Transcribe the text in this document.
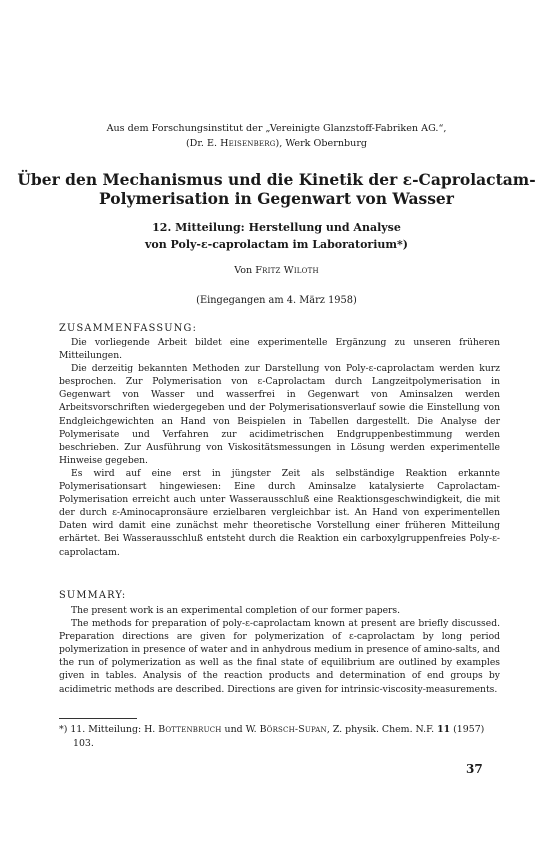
Aus dem Forschungsinstitut der „Vereinigte Glanzstoff-Fabriken AG.“,
(Dr. E. Heisenberg), Werk Obernburg
Über den Mechanismus und die Kinetik der ε-Caprolactam-
Polymerisation in Gegenwart von Wasser
12. Mitteilung: Herstellung und Analyse
von Poly-ε-caprolactam im Laboratorium*)
Von Fritz Wiloth
(Eingegangen am 4. März 1958)
ZUSAMMENFASSUNG:

Die vorliegende Arbeit bildet eine experimentelle Ergänzung zu unseren früheren Mitteilungen.

Die derzeitig bekannten Methoden zur Darstellung von Poly-ε-caprolactam werden kurz besprochen. Zur Polymerisation von ε-Caprolactam durch Langzeitpolymerisation in Gegenwart von Wasser und wasserfrei in Gegenwart von Aminsalzen werden Arbeitsvorschriften wiedergegeben und der Polymerisationsverlauf sowie die Einstellung von Endgleichgewichten an Hand von Beispielen in Tabellen dargestellt. Die Analyse der Polymerisate und Verfahren zur acidimetrischen Endgruppenbestimmung werden beschrieben. Zur Ausführung von Viskositätsmessungen in Lösung werden experimentelle Hinweise gegeben.

Es wird auf eine erst in jüngster Zeit als selbständige Reaktion erkannte Polymerisationsart hingewiesen: Eine durch Aminsalze katalysierte Caprolactam-Polymerisation erreicht auch unter Wasserausschluß eine Reaktionsgeschwindigkeit, die mit der durch ε-Aminocapronsäure erzielbaren vergleichbar ist. An Hand von experimentellen Daten wird damit eine zunächst mehr theoretische Vorstellung einer früheren Mitteilung erhärtet. Bei Wasserausschluß entsteht durch die Reaktion ein carboxylgruppenfreies Poly-ε-caprolactam.

SUMMARY:

The present work is an experimental completion of our former papers.

The methods for preparation of poly-ε-caprolactam known at present are briefly discussed. Preparation directions are given for polymerization of ε-caprolactam by long period polymerization in presence of water and in anhydrous medium in presence of amino-salts, and the run of polymerization as well as the final state of equilibrium are outlined by examples given in tables. Analysis of the reaction products and determination of end groups by acidimetric methods are described. Directions are given for intrinsic-viscosity-measurements.

*) 11. Mitteilung: H. Bottenbruch und W. Börsch-Supan, Z. physik. Chem. N.F. 11 (1957) 103.

37
